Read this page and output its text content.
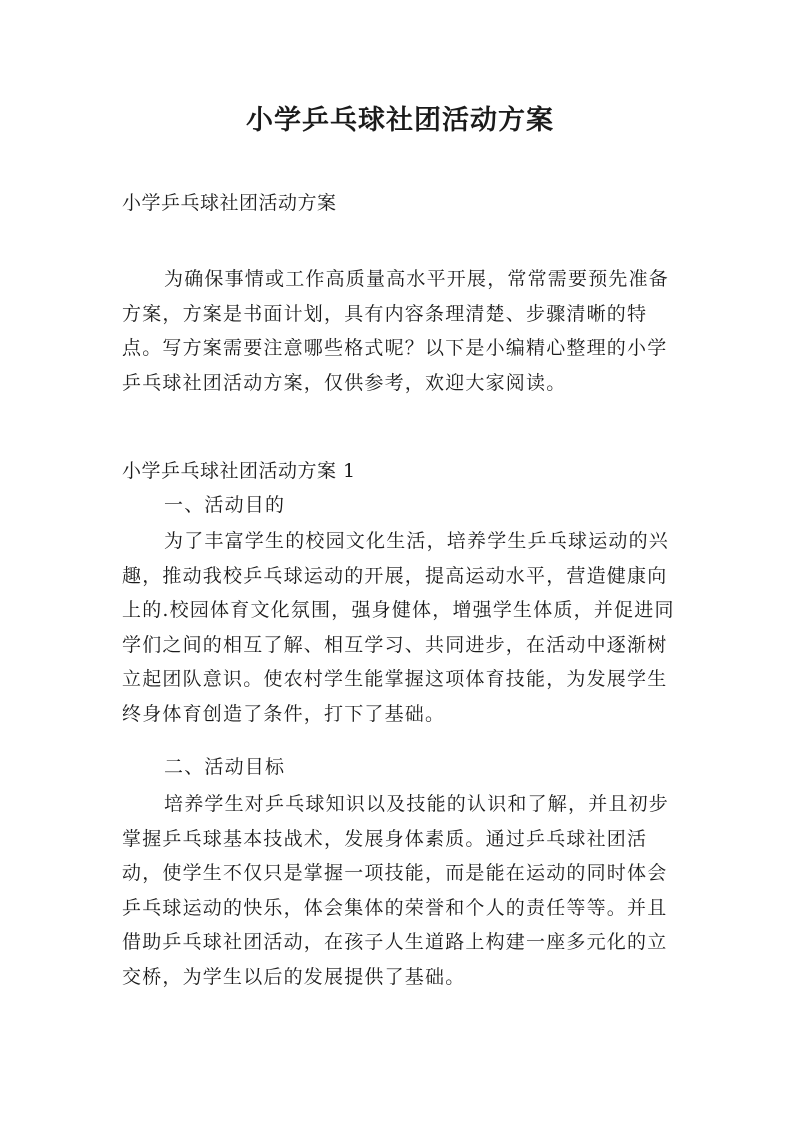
小学乒乓球社团活动方案

小学乒乓球社团活动方案

为确保事情或工作高质量高水平开展，常常需要预先准备方案，方案是书面计划，具有内容条理清楚、步骤清晰的特点。写方案需要注意哪些格式呢？以下是小编精心整理的小学乒乓球社团活动方案，仅供参考，欢迎大家阅读。

小学乒乓球社团活动方案 1

一、活动目的

为了丰富学生的校园文化生活，培养学生乒乓球运动的兴趣，推动我校乒乓球运动的开展，提高运动水平，营造健康向上的.校园体育文化氛围，强身健体，增强学生体质，并促进同学们之间的相互了解、相互学习、共同进步，在活动中逐渐树立起团队意识。使农村学生能掌握这项体育技能，为发展学生终身体育创造了条件，打下了基础。

二、活动目标

培养学生对乒乓球知识以及技能的认识和了解，并且初步掌握乒乓球基本技战术，发展身体素质。通过乒乓球社团活动，使学生不仅只是掌握一项技能，而是能在运动的同时体会乒乓球运动的快乐，体会集体的荣誉和个人的责任等等。并且借助乒乓球社团活动，在孩子人生道路上构建一座多元化的立交桥，为学生以后的发展提供了基础。
